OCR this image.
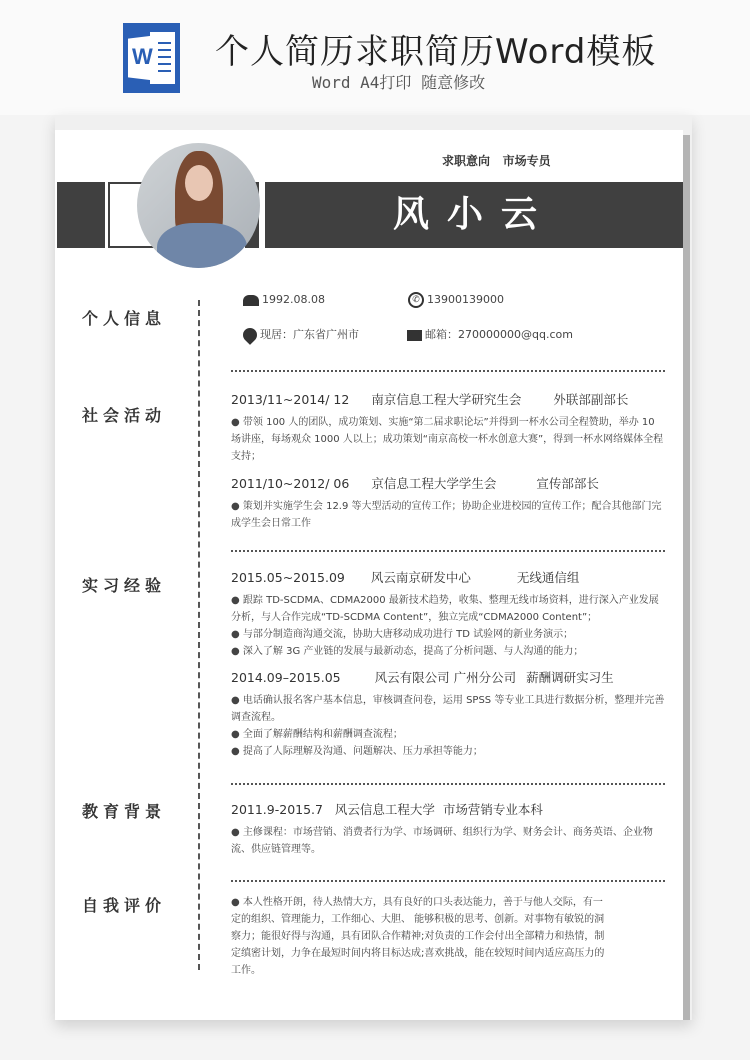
W 个人简历求职简历Word模板
Word A4打印 随意修改
风小云
求职意向 市场专员
个人信息
社会活动
实习经验
教育背景
自我评价
1992.08.08	✆ 13900139000
现居：广东省广州市	邮箱：270000000@qq.com
2013/11~2014/ 12 南京信息工程大学研究生会	外联部副部长
● 带领 100 人的团队，成功策划、实施“第二届求职论坛”并得到一杯水公司全程赞助，举办 10 场讲座，每场观众 1000 人以上；成功策划“南京高校一杯水创意大赛”，得到一杯水网络媒体全程支持；
2011/10~2012/ 06 京信息工程大学学生会	宣传部部长
● 策划并实施学生会 12.9 等大型活动的宣传工作；协助企业进校园的宣传工作；配合其他部门完成学生会日常工作
2015.05~2015.09 风云南京研发中心	无线通信组
● 跟踪 TD-SCDMA、CDMA2000 最新技术趋势，收集、整理无线市场资料，进行深入产业发展分析，与人合作完成“TD-SCDMA Content”，独立完成“CDMA2000 Content”；
● 与部分制造商沟通交流，协助大唐移动成功进行 TD 试验网的新业务演示；
● 深入了解 3G 产业链的发展与最新动态，提高了分析问题、与人沟通的能力；
2014.09–2015.05	风云有限公司 广州分公司 薪酬调研实习生
● 电话确认报名客户基本信息，审核调查问卷，运用 SPSS 等专业工具进行数据分析，整理并完善调查流程。
● 全面了解薪酬结构和薪酬调查流程；
● 提高了人际理解及沟通、问题解决、压力承担等能力；
2011.9-2015.7   风云信息工程大学  市场营销专业本科
● 主修课程：市场营销、消费者行为学、市场调研、组织行为学、财务会计、商务英语、企业物流、供应链管理等。
● 本人性格开朗，待人热情大方，具有良好的口头表达能力，善于与他人交际，有一定的组织、管理能力，工作细心、大胆、 能够积极的思考、创新。对事物有敏锐的洞察力；能很好得与沟通，具有团队合作精神;对负责的工作会付出全部精力和热情，制定缜密计划，力争在最短时间内将目标达成;喜欢挑战，能在较短时间内适应高压力的工作。
